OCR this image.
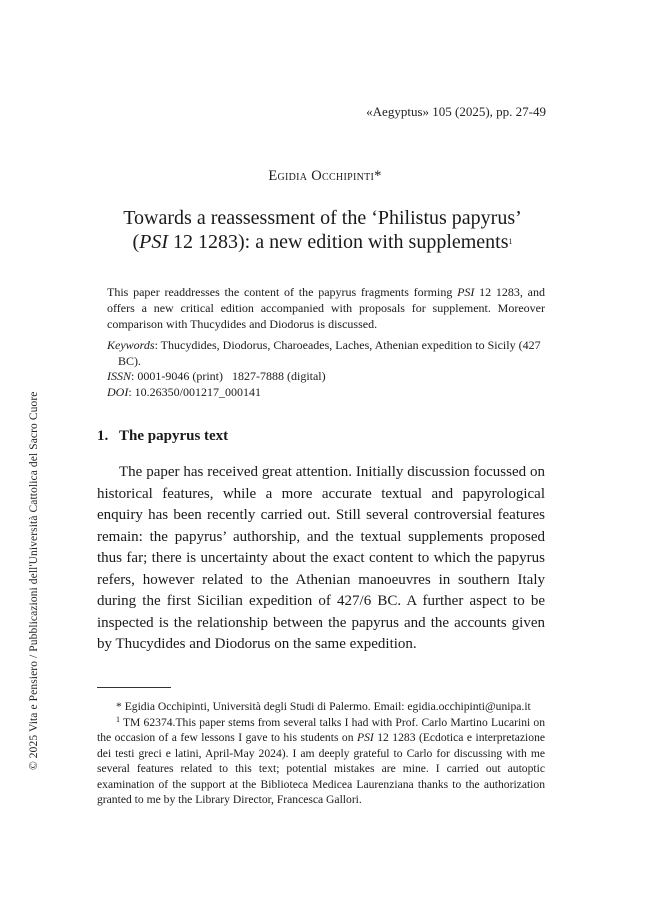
© 2025 Vita e Pensiero / Pubblicazioni dell'Università Cattolica del Sacro Cuore
«Aegyptus» 105 (2025), pp. 27-49
Egidia Occhipinti*
Towards a reassessment of the ‘Philistus papyrus’
(PSI 12 1283): a new edition with supplements$^1$
This paper readdresses the content of the papyrus fragments forming PSI 12 1283, and offers a new critical edition accompanied with proposals for supplement. Moreover comparison with Thucydides and Diodorus is discussed.
Keywords: Thucydides, Diodorus, Charoeades, Laches, Athenian expedition to Sicily (427 BC).
ISSN: 0001-9046 (print)   1827-7888 (digital)
DOI: 10.26350/001217_000141
1. The papyrus text
The paper has received great attention. Initially discussion focussed on historical features, while a more accurate textual and papyrological enquiry has been recently carried out. Still several controversial features remain: the papyrus’ authorship, and the textual supplements proposed thus far; there is uncertainty about the exact content to which the papyrus refers, however related to the Athenian manoeuvres in southern Italy during the first Sicilian expedition of 427/6 BC. A further aspect to be inspected is the relationship between the papyrus and the accounts given by Thucydides and Diodorus on the same expedition.

* Egidia Occhipinti, Università degli Studi di Palermo. Email: egidia.occhipinti@unipa.it

$^1$ TM 62374.This paper stems from several talks I had with Prof. Carlo Martino Lucarini on the occasion of a few lessons I gave to his students on PSI 12 1283 (Ecdotica e interpretazione dei testi greci e latini, April-May 2024). I am deeply grateful to Carlo for discussing with me several features related to this text; potential mistakes are mine. I carried out autoptic examination of the support at the Biblioteca Medicea Laurenziana thanks to the authorization granted to me by the Library Director, Francesca Gallori.
